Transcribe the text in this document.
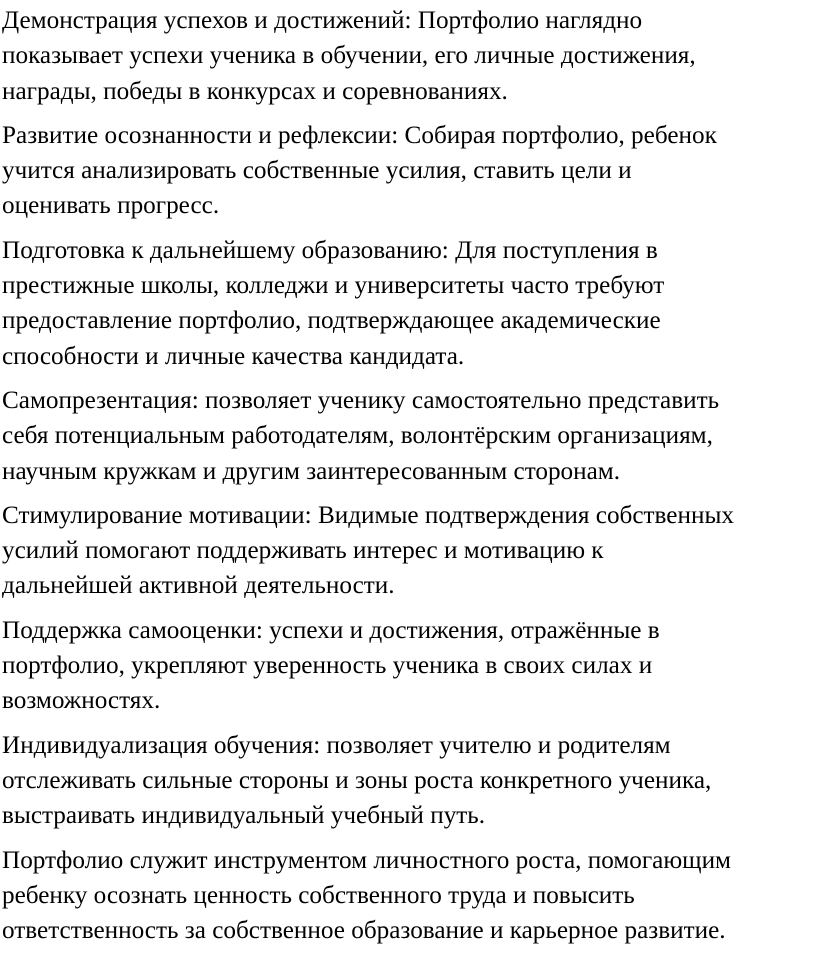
Демонстрация успехов и достижений: Портфолио наглядно
показывает успехи ученика в обучении, его личные достижения,
награды, победы в конкурсах и соревнованиях.

Развитие осознанности и рефлексии: Собирая портфолио, ребенок
учится анализировать собственные усилия, ставить цели и
оценивать прогресс.

Подготовка к дальнейшему образованию: Для поступления в
престижные школы, колледжи и университеты часто требуют
предоставление портфолио, подтверждающее академические
способности и личные качества кандидата.

Самопрезентация: позволяет ученику самостоятельно представить
себя потенциальным работодателям, волонтёрским организациям,
научным кружкам и другим заинтересованным сторонам.

Стимулирование мотивации: Видимые подтверждения собственных
усилий помогают поддерживать интерес и мотивацию к
дальнейшей активной деятельности.

Поддержка самооценки: успехи и достижения, отражённые в
портфолио, укрепляют уверенность ученика в своих силах и
возможностях.

Индивидуализация обучения: позволяет учителю и родителям
отслеживать сильные стороны и зоны роста конкретного ученика,
выстраивать индивидуальный учебный путь.

Портфолио служит инструментом личностного роста, помогающим
ребенку осознать ценность собственного труда и повысить
ответственность за собственное образование и карьерное развитие.
